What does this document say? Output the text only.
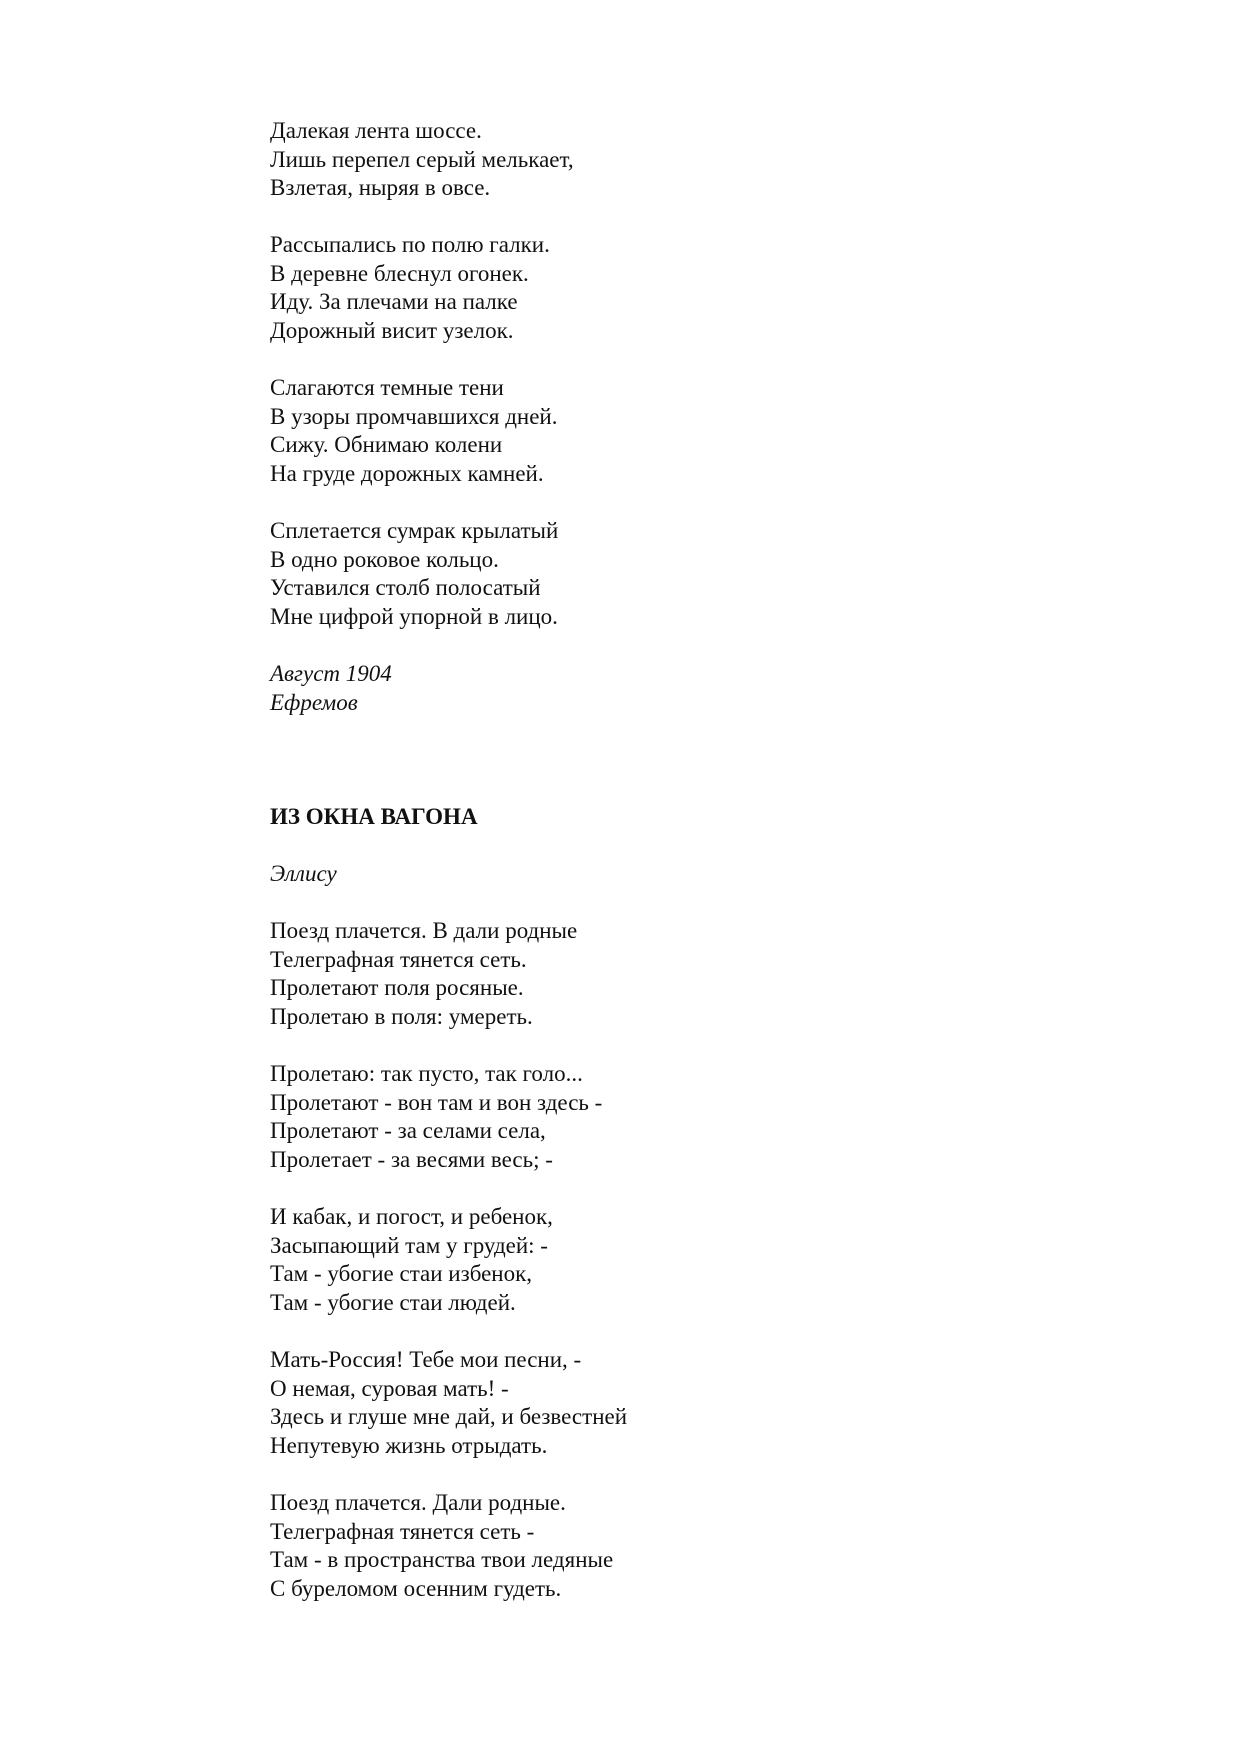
Далекая лента шоссе.
Лишь перепел серый мелькает,
Взлетая, ныряя в овсе.
Рассыпались по полю галки.
В деревне блеснул огонек.
Иду. За плечами на палке
Дорожный висит узелок.
Слагаются темные тени
В узоры промчавшихся дней.
Сижу. Обнимаю колени
На груде дорожных камней.
Сплетается сумрак крылатый
В одно роковое кольцо.
Уставился столб полосатый
Мне цифрой упорной в лицо.
Август 1904
Ефремов
ИЗ ОКНА ВАГОНА
Эллису
Поезд плачется. В дали родные
Телеграфная тянется сеть.
Пролетают поля росяные.
Пролетаю в поля: умереть.
Пролетаю: так пусто, так голо...
Пролетают - вон там и вон здесь -
Пролетают - за селами села,
Пролетает - за весями весь; -
И кабак, и погост, и ребенок,
Засыпающий там у грудей: -
Там - убогие стаи избенок,
Там - убогие стаи людей.
Мать-Россия! Тебе мои песни, -
О немая, суровая мать! -
Здесь и глуше мне дай, и безвестней
Непутевую жизнь отрыдать.
Поезд плачется. Дали родные.
Телеграфная тянется сеть -
Там - в пространства твои ледяные
С буреломом осенним гудеть.
